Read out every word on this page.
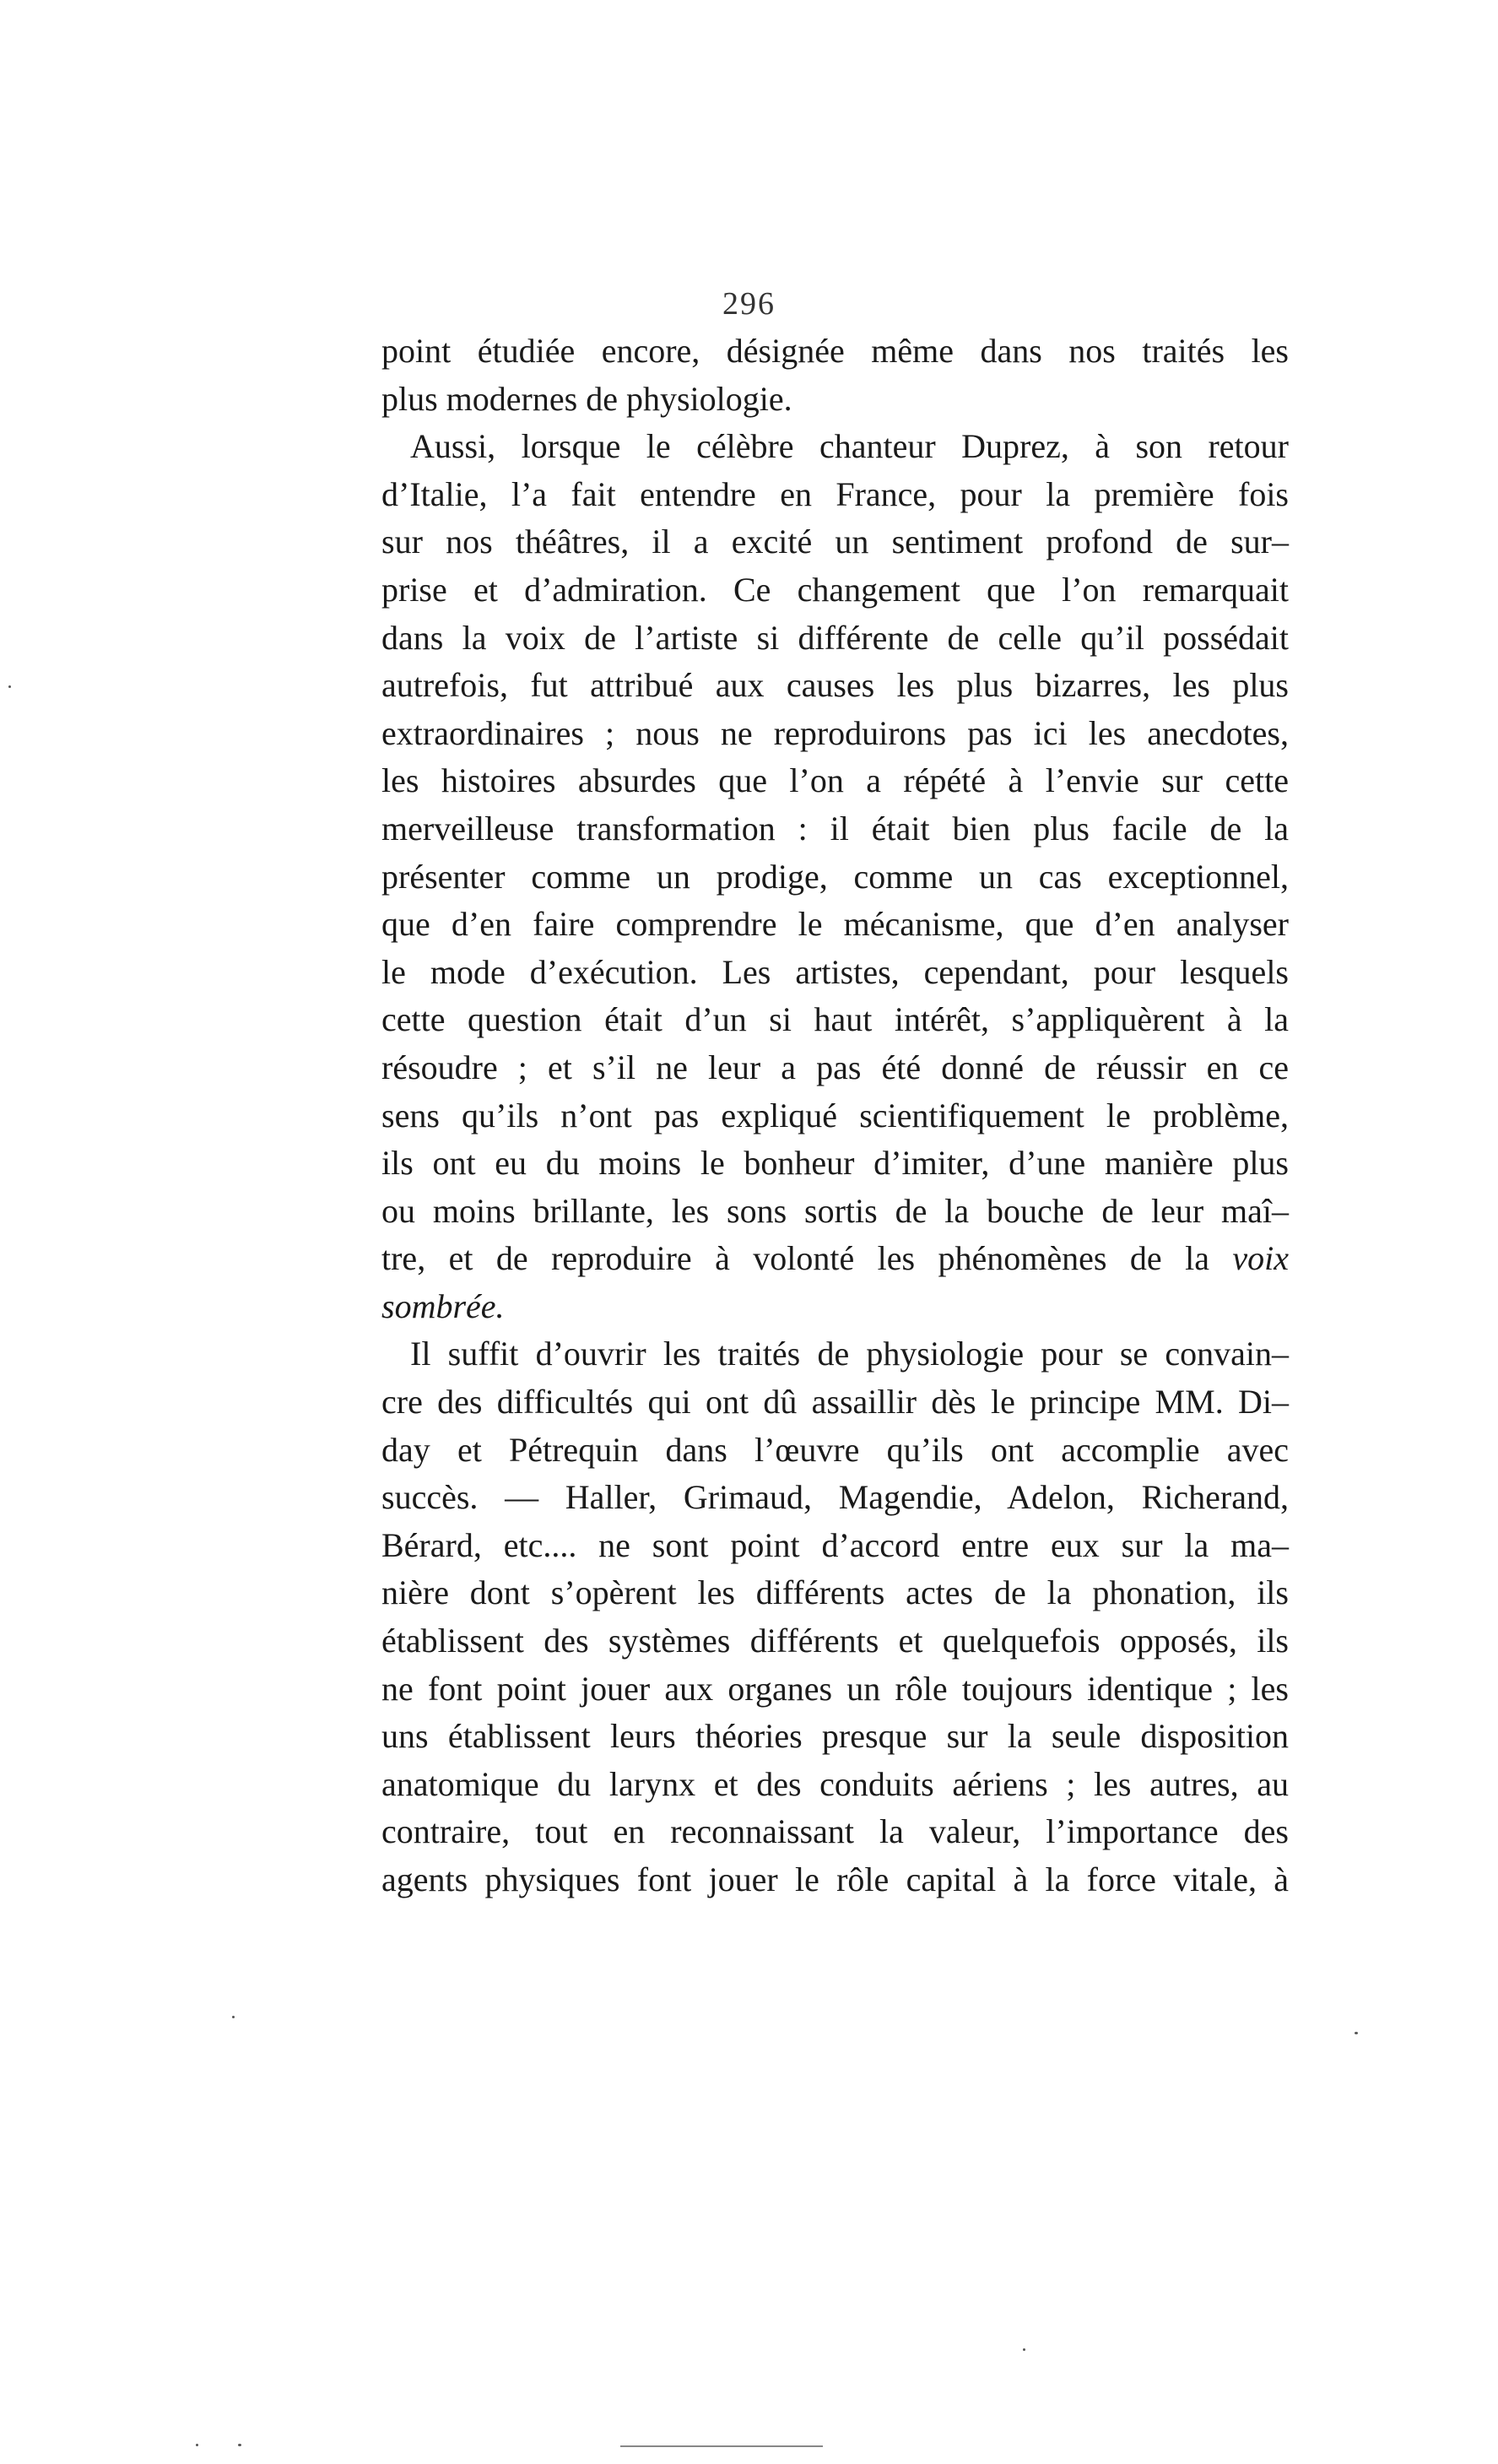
296
point étudiée encore, désignée même dans nos traités les
plus modernes de physiologie.
Aussi, lorsque le célèbre chanteur Duprez, à son retour
d’Italie, l’a fait entendre en France, pour la première fois
sur nos théâtres, il a excité un sentiment profond de sur–
prise et d’admiration. Ce changement que l’on remarquait
dans la voix de l’artiste si différente de celle qu’il possédait
autrefois, fut attribué aux causes les plus bizarres, les plus
extraordinaires ; nous ne reproduirons pas ici les anecdotes,
les histoires absurdes que l’on a répété à l’envie sur cette
merveilleuse transformation : il était bien plus facile de la
présenter comme un prodige, comme un cas exceptionnel,
que d’en faire comprendre le mécanisme, que d’en analyser
le mode d’exécution. Les artistes, cependant, pour lesquels
cette question était d’un si haut intérêt, s’appliquèrent à la
résoudre ; et s’il ne leur a pas été donné de réussir en ce
sens qu’ils n’ont pas expliqué scientifiquement le problème,
ils ont eu du moins le bonheur d’imiter, d’une manière plus
ou moins brillante, les sons sortis de la bouche de leur maî–
tre, et de reproduire à volonté les phénomènes de la voix
sombrée.
Il suffit d’ouvrir les traités de physiologie pour se convain–
cre des difficultés qui ont dû assaillir dès le principe MM. Di–
day et Pétrequin dans l’œuvre qu’ils ont accomplie avec
succès. — Haller, Grimaud, Magendie, Adelon, Richerand,
Bérard, etc.... ne sont point d’accord entre eux sur la ma–
nière dont s’opèrent les différents actes de la phonation, ils
établissent des systèmes différents et quelquefois opposés, ils
ne font point jouer aux organes un rôle toujours identique ; les
uns établissent leurs théories presque sur la seule disposition
anatomique du larynx et des conduits aériens ; les autres, au
contraire, tout en reconnaissant la valeur, l’importance des
agents physiques font jouer le rôle capital à la force vitale, à
